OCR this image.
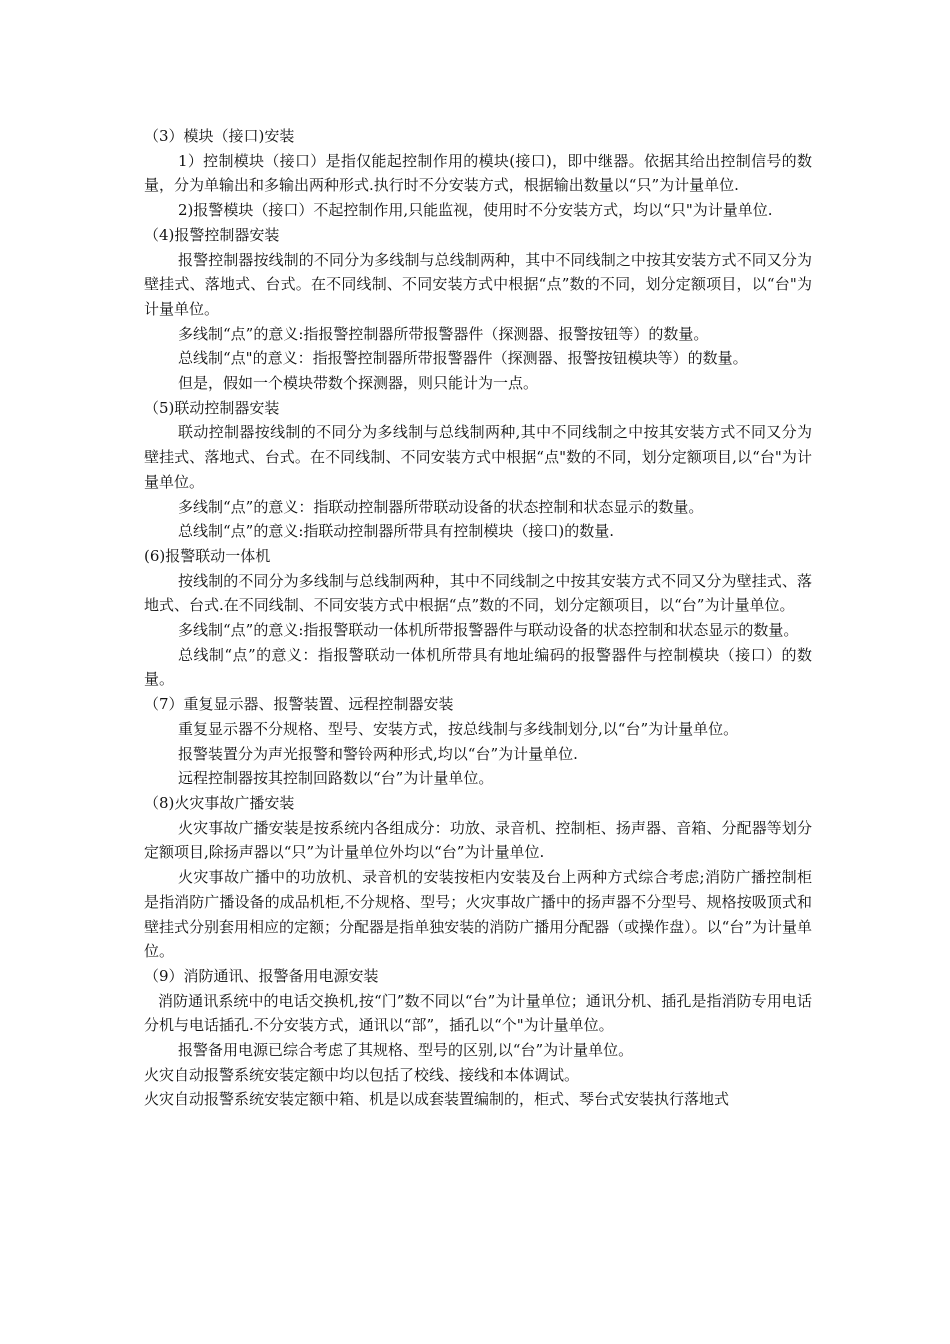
（3）模块（接口)安装

1）控制模块（接口）是指仅能起控制作用的模块(接口)，即中继器。依据其给出控制信号的数量，分为单输出和多输出两种形式.执行时不分安装方式，根据输出数量以“只”为计量单位.

2)报警模块（接口）不起控制作用,只能监视，使用时不分安装方式，均以“只"为计量单位.

（4)报警控制器安装

报警控制器按线制的不同分为多线制与总线制两种，其中不同线制之中按其安装方式不同又分为壁挂式、落地式、台式。在不同线制、不同安装方式中根据“点”数的不同，划分定额项目，以“台"为计量单位。

多线制“点”的意义:指报警控制器所带报警器件（探测器、报警按钮等）的数量。

总线制“点"的意义：指报警控制器所带报警器件（探测器、报警按钮模块等）的数量。

但是，假如一个模块带数个探测器，则只能计为一点。

（5)联动控制器安装

联动控制器按线制的不同分为多线制与总线制两种,其中不同线制之中按其安装方式不同又分为壁挂式、落地式、台式。在不同线制、不同安装方式中根据“点"数的不同，划分定额项目,以“台"为计量单位。

多线制“点”的意义：指联动控制器所带联动设备的状态控制和状态显示的数量。

总线制“点”的意义:指联动控制器所带具有控制模块（接口)的数量.

(6)报警联动一体机

按线制的不同分为多线制与总线制两种，其中不同线制之中按其安装方式不同又分为壁挂式、落地式、台式.在不同线制、不同安装方式中根据“点”数的不同，划分定额项目，以“台”为计量单位。

多线制“点”的意义:指报警联动一体机所带报警器件与联动设备的状态控制和状态显示的数量。

总线制“点”的意义：指报警联动一体机所带具有地址编码的报警器件与控制模块（接口）的数量。

（7）重复显示器、报警装置、远程控制器安装

重复显示器不分规格、型号、安装方式，按总线制与多线制划分,以“台”为计量单位。

报警装置分为声光报警和警铃两种形式,均以“台”为计量单位.

远程控制器按其控制回路数以“台”为计量单位。

（8)火灾事故广播安装

火灾事故广播安装是按系统内各组成分：功放、录音机、控制柜、扬声器、音箱、分配器等划分定额项目,除扬声器以“只”为计量单位外均以“台”为计量单位.

火灾事故广播中的功放机、录音机的安装按柜内安装及台上两种方式综合考虑;消防广播控制柜是指消防广播设备的成品机柜,不分规格、型号；火灾事故广播中的扬声器不分型号、规格按吸顶式和壁挂式分别套用相应的定额；分配器是指单独安装的消防广播用分配器（或操作盘）。以“台”为计量单位。

（9）消防通讯、报警备用电源安装

消防通讯系统中的电话交换机,按“门”数不同以“台”为计量单位；通讯分机、插孔是指消防专用电话分机与电话插孔.不分安装方式，通讯以“部”，插孔以“个"为计量单位。

报警备用电源已综合考虑了其规格、型号的区别,以“台”为计量单位。

火灾自动报警系统安装定额中均以包括了校线、接线和本体调试。

火灾自动报警系统安装定额中箱、机是以成套装置编制的，柜式、琴台式安装执行落地式
